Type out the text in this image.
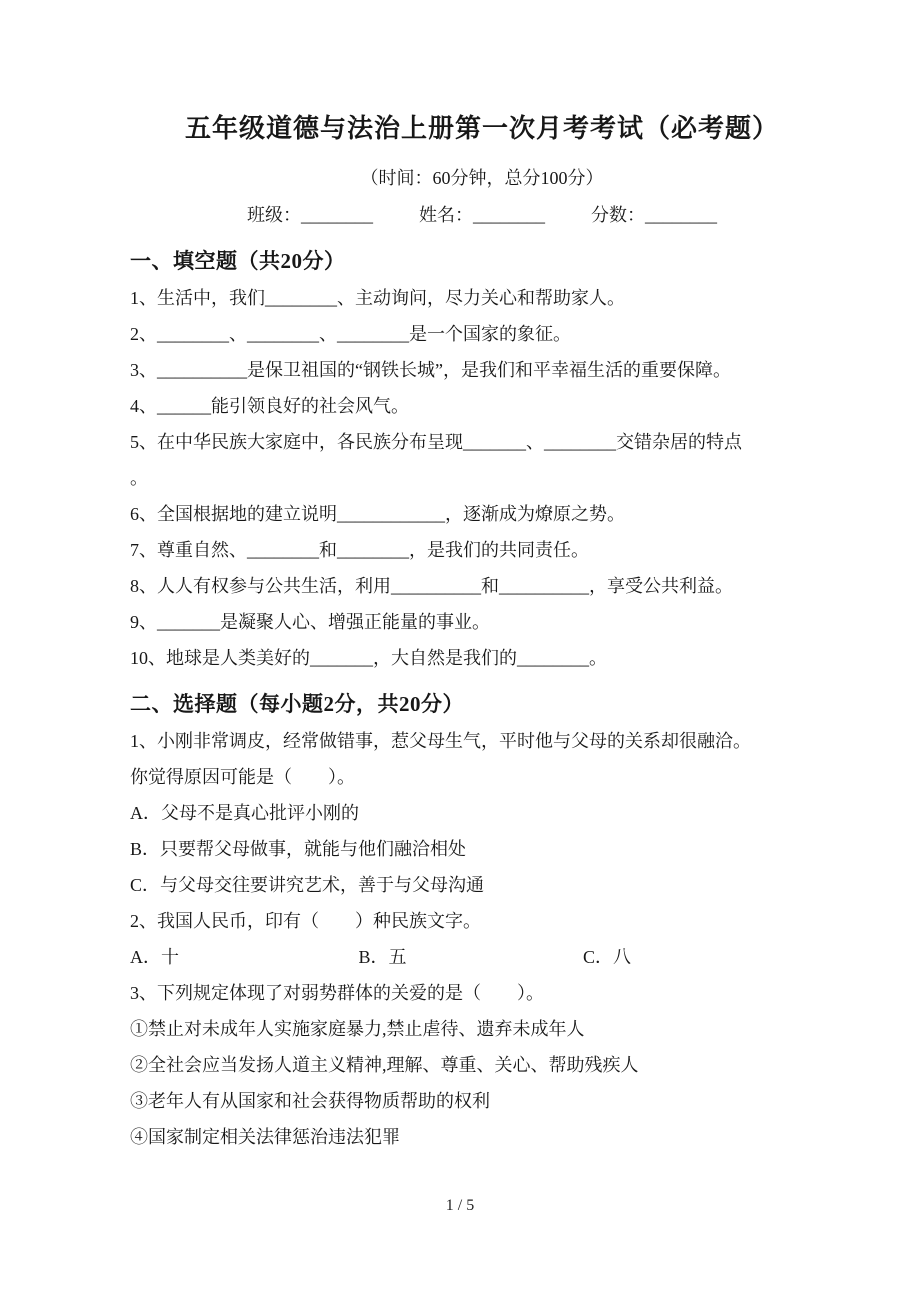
五年级道德与法治上册第一次月考考试（必考题）
（时间：60分钟，总分100分）
班级：________	姓名：________	分数：________
一、填空题（共20分）

1、生活中，我们________、主动询问，尽力关心和帮助家人。

2、________、________、________是一个国家的象征。

3、__________是保卫祖国的“钢铁长城”，是我们和平幸福生活的重要保障。

4、______能引领良好的社会风气。

5、在中华民族大家庭中，各民族分布呈现_______、________交错杂居的特点

。

6、全国根据地的建立说明____________，逐渐成为燎原之势。

7、尊重自然、________和________，是我们的共同责任。

8、人人有权参与公共生活，利用__________和__________，享受公共利益。

9、_______是凝聚人心、增强正能量的事业。

10、地球是人类美好的_______，大自然是我们的________。

二、选择题（每小题2分，共20分）

1、小刚非常调皮，经常做错事，惹父母生气，平时他与父母的关系却很融洽。

你觉得原因可能是（　　）。

A．父母不是真心批评小刚的

B．只要帮父母做事，就能与他们融洽相处

C．与父母交往要讲究艺术，善于与父母沟通

2、我国人民币，印有（　　）种民族文字。

A．十	B．五	C．八

3、下列规定体现了对弱势群体的关爱的是（　　）。

①禁止对未成年人实施家庭暴力,禁止虐待、遗弃未成年人

②全社会应当发扬人道主义精神,理解、尊重、关心、帮助残疾人

③老年人有从国家和社会获得物质帮助的权利

④国家制定相关法律惩治违法犯罪

1 / 5
